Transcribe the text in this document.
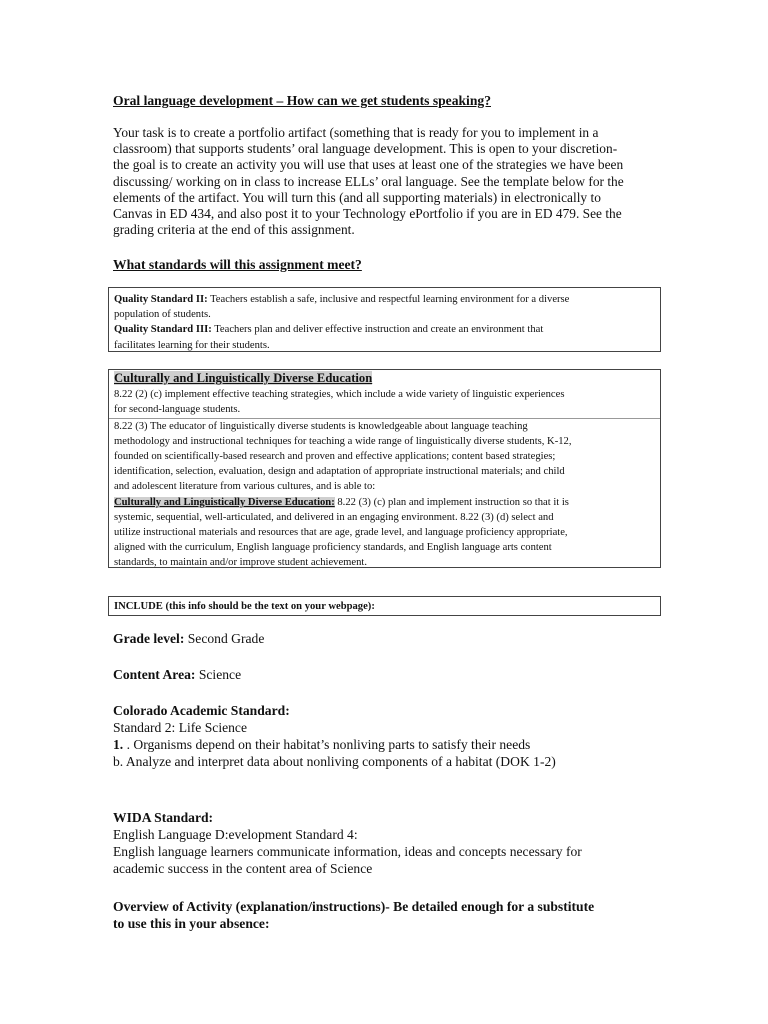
Oral language development – How can we get students speaking?

Your task is to create a portfolio artifact (something that is ready for you to implement in a

classroom) that supports students’ oral language development. This is open to your discretion-

the goal is to create an activity you will use that uses at least one of the strategies we have been

discussing/ working on in class to increase ELLs’ oral language. See the template below for the

elements of the artifact. You will turn this (and all supporting materials) in electronically to

Canvas in ED 434, and also post it to your Technology ePortfolio if you are in ED 479. See the

grading criteria at the end of this assignment.

What standards will this assignment meet?

Quality Standard II: Teachers establish a safe, inclusive and respectful learning environment for a diverse

population of students.

Quality Standard III: Teachers plan and deliver effective instruction and create an environment that

facilitates learning for their students.

Culturally and Linguistically Diverse Education

8.22 (2) (c) implement effective teaching strategies, which include a wide variety of linguistic experiences

for second-language students.

8.22 (3) The educator of linguistically diverse students is knowledgeable about language teaching

methodology and instructional techniques for teaching a wide range of linguistically diverse students, K-12,

founded on scientifically-based research and proven and effective applications; content based strategies;

identification, selection, evaluation, design and adaptation of appropriate instructional materials; and child

and adolescent literature from various cultures, and is able to:

Culturally and Linguistically Diverse Education: 8.22 (3) (c) plan and implement instruction so that it is

systemic, sequential, well-articulated, and delivered in an engaging environment. 8.22 (3) (d) select and

utilize instructional materials and resources that are age, grade level, and language proficiency appropriate,

aligned with the curriculum, English language proficiency standards, and English language arts content

standards, to maintain and/or improve student achievement.

INCLUDE (this info should be the text on your webpage):
Grade level: Second Grade
Content Area: Science
Colorado Academic Standard:
Standard 2: Life Science
1. . Organisms depend on their habitat’s nonliving parts to satisfy their needs
b. Analyze and interpret data about nonliving components of a habitat (DOK 1-2)
WIDA Standard:
English Language D:evelopment Standard 4:
English language learners communicate information, ideas and concepts necessary for
academic success in the content area of Science
Overview of Activity (explanation/instructions)- Be detailed enough for a substitute
to use this in your absence:
